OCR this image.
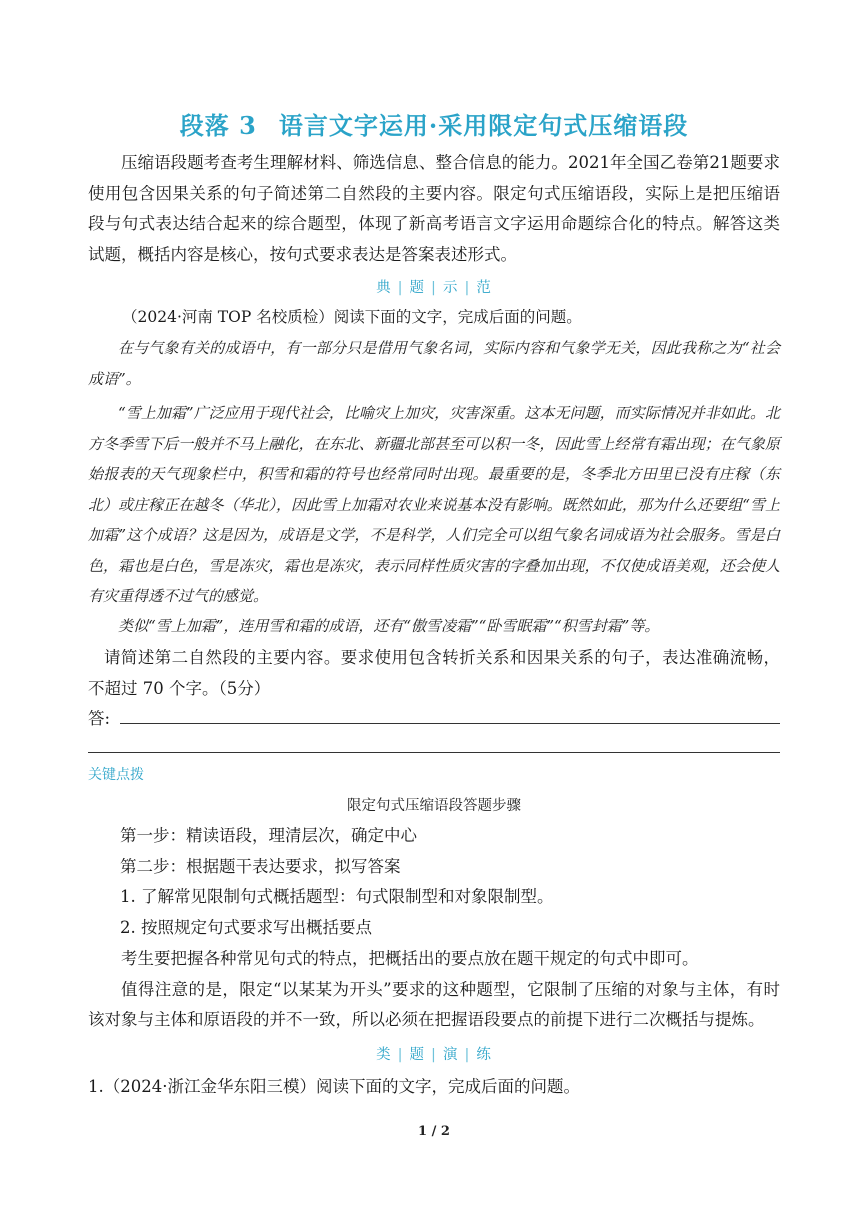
段落 3 语言文字运用·采用限定句式压缩语段
压缩语段题考查考生理解材料、筛选信息、整合信息的能力。2021年全国乙卷第21题要求使用包含因果关系的句子简述第二自然段的主要内容。限定句式压缩语段，实际上是把压缩语段与句式表达结合起来的综合题型，体现了新高考语言文字运用命题综合化的特点。解答这类试题，概括内容是核心，按句式要求表达是答案表述形式。
典 | 题 | 示 | 范
（2024·河南 TOP 名校质检）阅读下面的文字，完成后面的问题。
在与气象有关的成语中，有一部分只是借用气象名词，实际内容和气象学无关，因此我称之为“社会成语”。
“雪上加霜”广泛应用于现代社会，比喻灾上加灾，灾害深重。这本无问题，而实际情况并非如此。北方冬季雪下后一般并不马上融化，在东北、新疆北部甚至可以积一冬，因此雪上经常有霜出现；在气象原始报表的天气现象栏中，积雪和霜的符号也经常同时出现。最重要的是，冬季北方田里已没有庄稼（东北）或庄稼正在越冬（华北），因此雪上加霜对农业来说基本没有影响。既然如此，那为什么还要组“雪上加霜”这个成语？这是因为，成语是文学，不是科学，人们完全可以组气象名词成语为社会服务。雪是白色，霜也是白色，雪是冻灾，霜也是冻灾，表示同样性质灾害的字叠加出现，不仅使成语美观，还会使人有灾重得透不过气的感觉。
类似“雪上加霜”，连用雪和霜的成语，还有“傲雪凌霜”“卧雪眠霜”“积雪封霜”等。
请简述第二自然段的主要内容。要求使用包含转折关系和因果关系的句子，表达准确流畅，不超过 70 个字。（5分）
答:
关键点拨
限定句式压缩语段答题步骤
第一步：精读语段，理清层次，确定中心
第二步：根据题干表达要求，拟写答案
1. 了解常见限制句式概括题型：句式限制型和对象限制型。
2. 按照规定句式要求写出概括要点
考生要把握各种常见句式的特点，把概括出的要点放在题干规定的句式中即可。
值得注意的是，限定“以某某为开头”要求的这种题型，它限制了压缩的对象与主体，有时该对象与主体和原语段的并不一致，所以必须在把握语段要点的前提下进行二次概括与提炼。
类 | 题 | 演 | 练
1.（2024·浙江金华东阳三模）阅读下面的文字，完成后面的问题。
1 / 2
